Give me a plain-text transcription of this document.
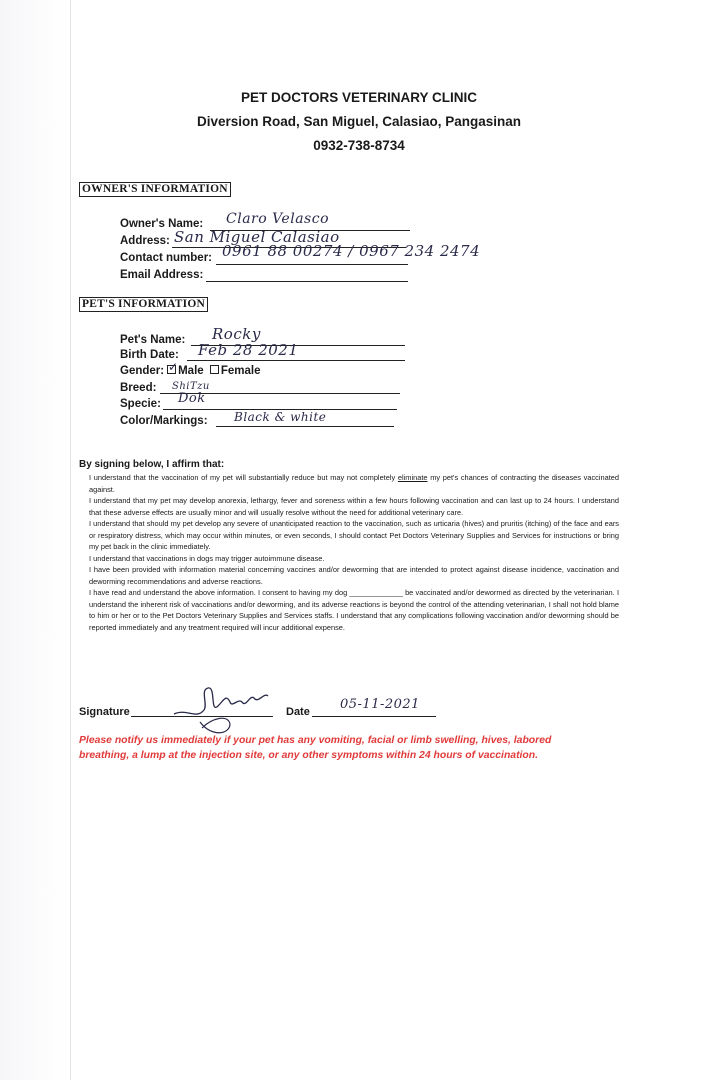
PET DOCTORS VETERINARY CLINIC
Diversion Road, San Miguel, Calasiao, Pangasinan
0932-738-8734
OWNER'S INFORMATION
Owner's Name: Claro Velasco
Address: San Miguel Calasiao
Contact number: 0961 88 00274 / 0967 234 2474
Email Address:
PET'S INFORMATION
Pet's Name: Rocky
Birth Date: Feb 28 2021
Gender: Male Female
✓
Breed: ShiTzu
Specie: Dok
Color/Markings: Black & white
By signing below, I affirm that:
I understand that the vaccination of my pet will substantially reduce but may not completely eliminate my pet's chances of contracting the diseases vaccinated against.
I understand that my pet may develop anorexia, lethargy, fever and soreness within a few hours following vaccination and can last up to 24 hours. I understand that these adverse effects are usually minor and will usually resolve without the need for additional veterinary care.
I understand that should my pet develop any severe of unanticipated reaction to the vaccination, such as urticaria (hives) and pruritis (itching) of the face and ears or respiratory distress, which may occur within minutes, or even seconds, I should contact Pet Doctors Veterinary Supplies and Services for instructions or bring my pet back in the clinic immediately.
I understand that vaccinations in dogs may trigger autoimmune disease.
I have been provided with information material concerning vaccines and/or deworming that are intended to protect against disease incidence, vaccination and deworming recommendations and adverse reactions.
I have read and understand the above information. I consent to having my dog _____________ be vaccinated and/or dewormed as directed by the veterinarian. I understand the inherent risk of vaccinations and/or deworming, and its adverse reactions is beyond the control of the attending veterinarian, I shall not hold blame to him or her or to the Pet Doctors Veterinary Supplies and Services staffs. I understand that any complications following vaccination and/or deworming should be reported immediately and any treatment required will incur additional expense.
Signature	Date 05-11-2021
Please notify us immediately if your pet has any vomiting, facial or limb swelling, hives, labored breathing, a lump at the injection site, or any other symptoms within 24 hours of vaccination.
